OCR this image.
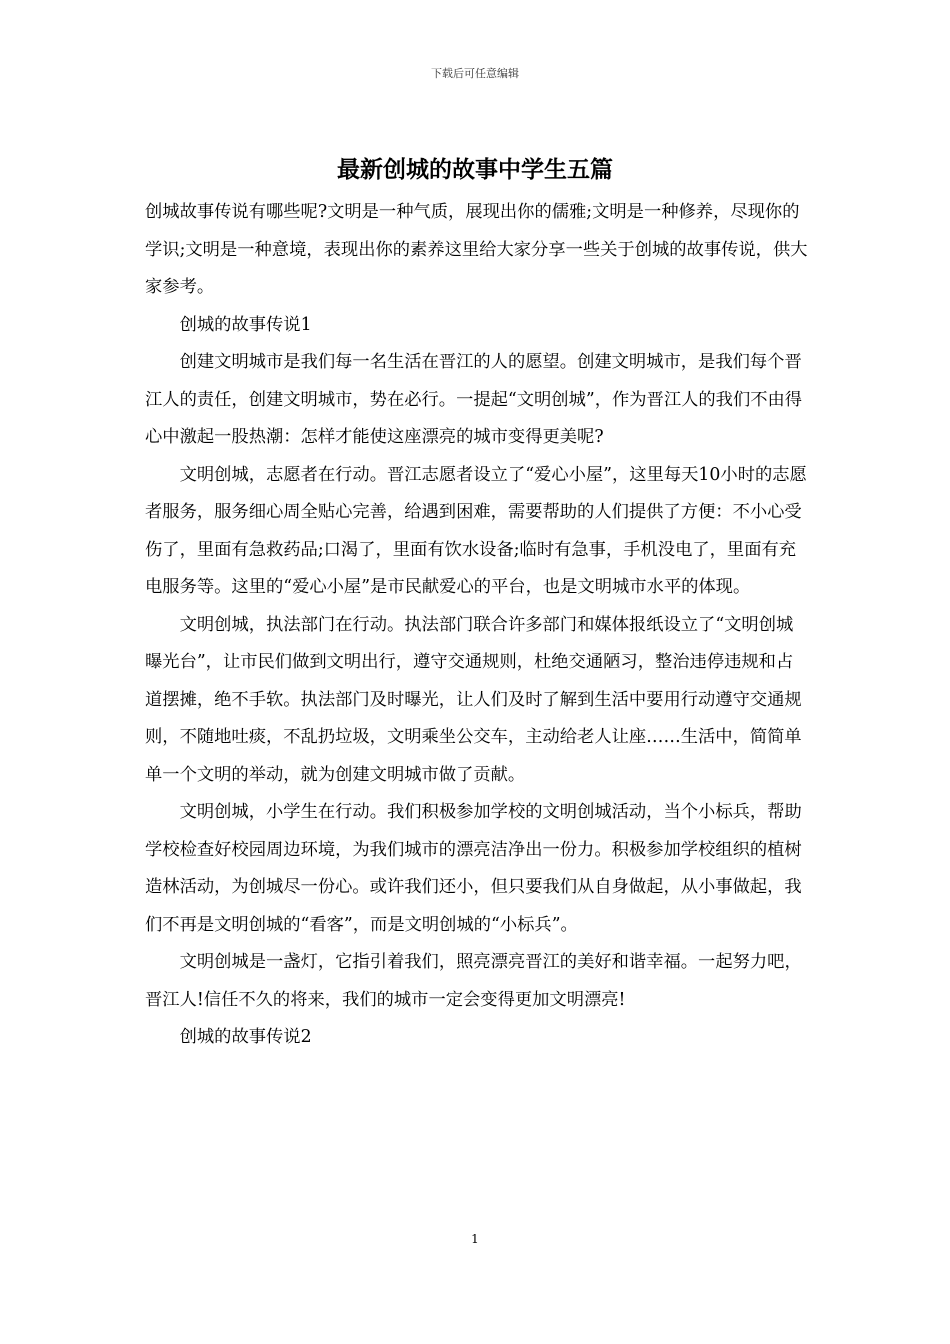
下载后可任意编辑
最新创城的故事中学生五篇

创城故事传说有哪些呢?文明是一种气质，展现出你的儒雅;文明是一种修养，尽现你的学识;文明是一种意境，表现出你的素养这里给大家分享一些关于创城的故事传说，供大家参考。

创城的故事传说1

创建文明城市是我们每一名生活在晋江的人的愿望。创建文明城市，是我们每个晋江人的责任，创建文明城市，势在必行。一提起“文明创城”，作为晋江人的我们不由得心中激起一股热潮：怎样才能使这座漂亮的城市变得更美呢?

文明创城，志愿者在行动。晋江志愿者设立了“爱心小屋”，这里每天10小时的志愿者服务，服务细心周全贴心完善，给遇到困难，需要帮助的人们提供了方便：不小心受伤了，里面有急救药品;口渴了，里面有饮水设备;临时有急事，手机没电了，里面有充电服务等。这里的“爱心小屋”是市民献爱心的平台，也是文明城市水平的体现。

文明创城，执法部门在行动。执法部门联合许多部门和媒体报纸设立了“文明创城曝光台”，让市民们做到文明出行，遵守交通规则，杜绝交通陋习，整治违停违规和占道摆摊，绝不手软。执法部门及时曝光，让人们及时了解到生活中要用行动遵守交通规则，不随地吐痰，不乱扔垃圾，文明乘坐公交车，主动给老人让座……生活中，简简单单一个文明的举动，就为创建文明城市做了贡献。

文明创城，小学生在行动。我们积极参加学校的文明创城活动，当个小标兵，帮助学校检查好校园周边环境，为我们城市的漂亮洁净出一份力。积极参加学校组织的植树造林活动，为创城尽一份心。或许我们还小，但只要我们从自身做起，从小事做起，我们不再是文明创城的“看客”，而是文明创城的“小标兵”。

文明创城是一盏灯，它指引着我们，照亮漂亮晋江的美好和谐幸福。一起努力吧，晋江人!信任不久的将来，我们的城市一定会变得更加文明漂亮!

创城的故事传说2

1
